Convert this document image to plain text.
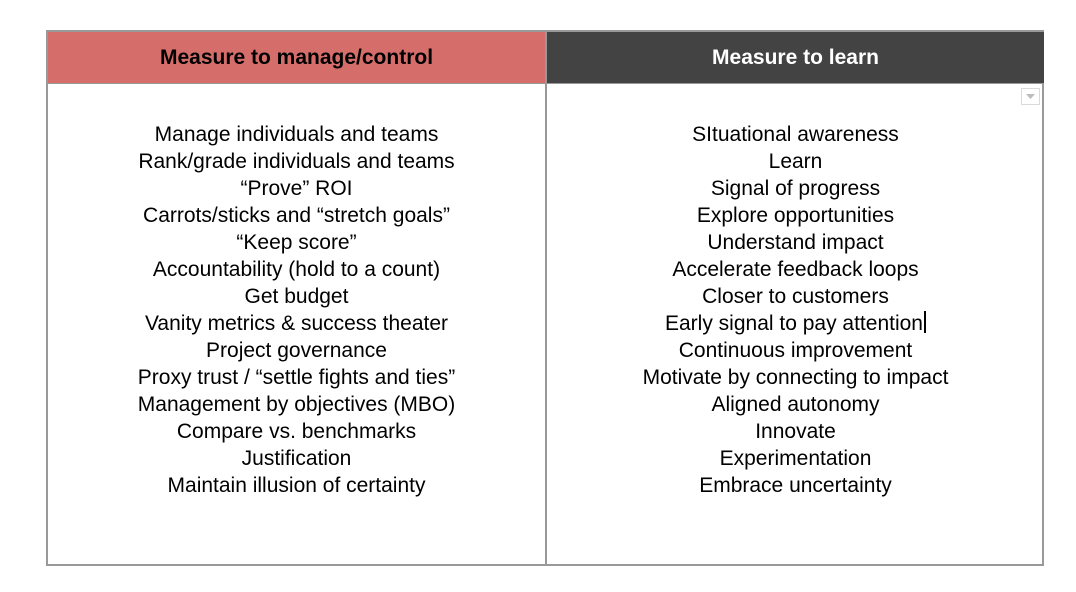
Measure to manage/control	Measure to learn
Manage individuals and teams
Rank/grade individuals and teams
“Prove” ROI
Carrots/sticks and “stretch goals”
“Keep score”
Accountability (hold to a count)
Get budget
Vanity metrics & success theater
Project governance
Proxy trust / “settle fights and ties”
Management by objectives (MBO)
Compare vs. benchmarks
Justification
Maintain illusion of certainty
SItuational awareness
Learn
Signal of progress
Explore opportunities
Understand impact
Accelerate feedback loops
Closer to customers
Early signal to pay attention
Continuous improvement
Motivate by connecting to impact
Aligned autonomy
Innovate
Experimentation
Embrace uncertainty
